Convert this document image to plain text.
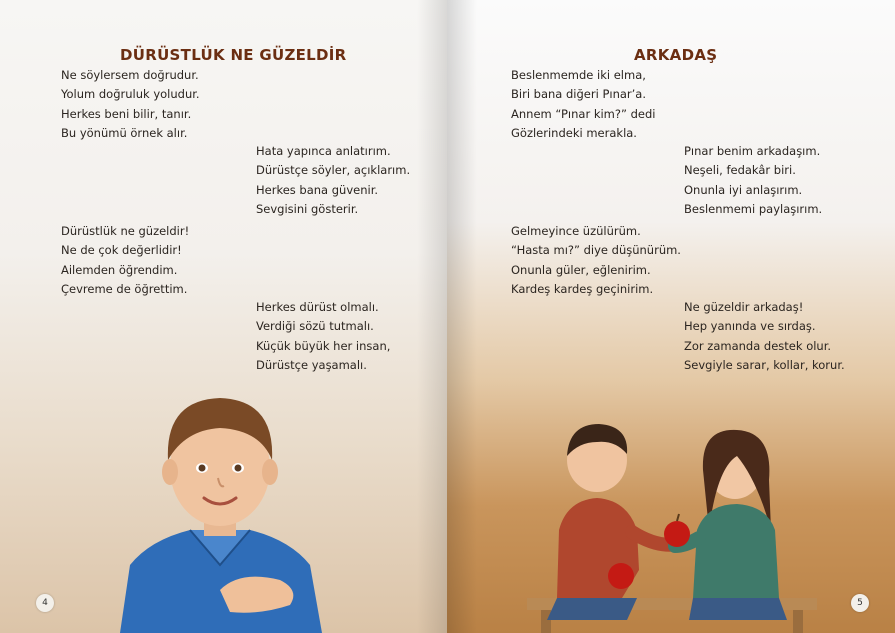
DÜRÜSTLÜK NE GÜZELDİR
Ne söylersem doğrudur.
Yolum doğruluk yoludur.
Herkes beni bilir, tanır.
Bu yönümü örnek alır.
Hata yapınca anlatırım.
Dürüstçe söyler, açıklarım.
Herkes bana güvenir.
Sevgisini gösterir.
Dürüstlük ne güzeldir!
Ne de çok değerlidir!
Ailemden öğrendim.
Çevreme de öğrettim.
Herkes dürüst olmalı.
Verdiği sözü tutmalı.
Küçük büyük her insan,
Dürüstçe yaşamalı.
4
ARKADAŞ
Beslenmemde iki elma,
Biri bana diğeri Pınar’a.
Annem “Pınar kim?” dedi
Gözlerindeki merakla.
Pınar benim arkadaşım.
Neşeli, fedakâr biri.
Onunla iyi anlaşırım.
Beslenmemi paylaşırım.
Gelmeyince üzülürüm.
“Hasta mı?” diye düşünürüm.
Onunla güler, eğlenirim.
Kardeş kardeş geçinirim.
Ne güzeldir arkadaş!
Hep yanında ve sırdaş.
Zor zamanda destek olur.
Sevgiyle sarar, kollar, korur.
5
